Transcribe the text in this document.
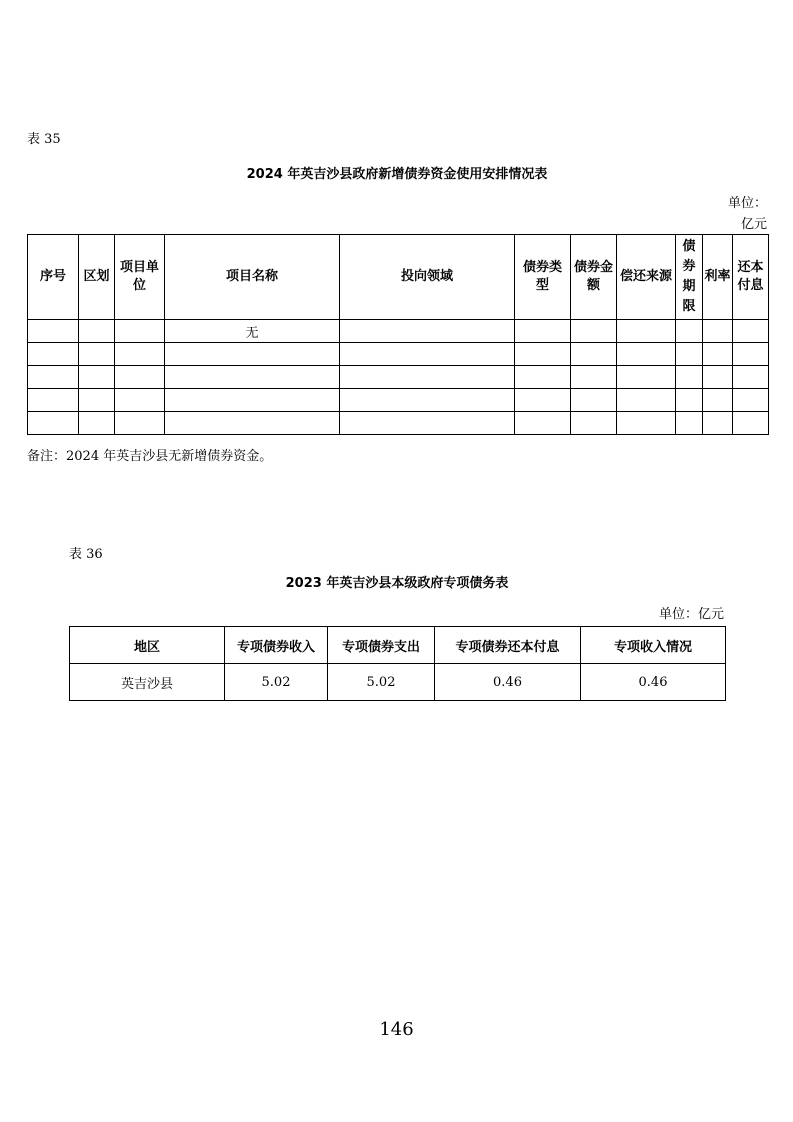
表 35
2024 年英吉沙县政府新增债券资金使用安排情况表
单位：
亿元
序号	区划	项目单位	项目名称	投向领域	债券类型	债券金额	偿还来源	债券期限	利率	还本付息
			无							

备注：2024 年英吉沙县无新增债券资金。
表 36
2023 年英吉沙县本级政府专项债务表
单位：亿元
地区	专项债券收入	专项债券支出	专项债券还本付息	专项收入情况
英吉沙县	5.02	5.02	0.46	0.46
146
